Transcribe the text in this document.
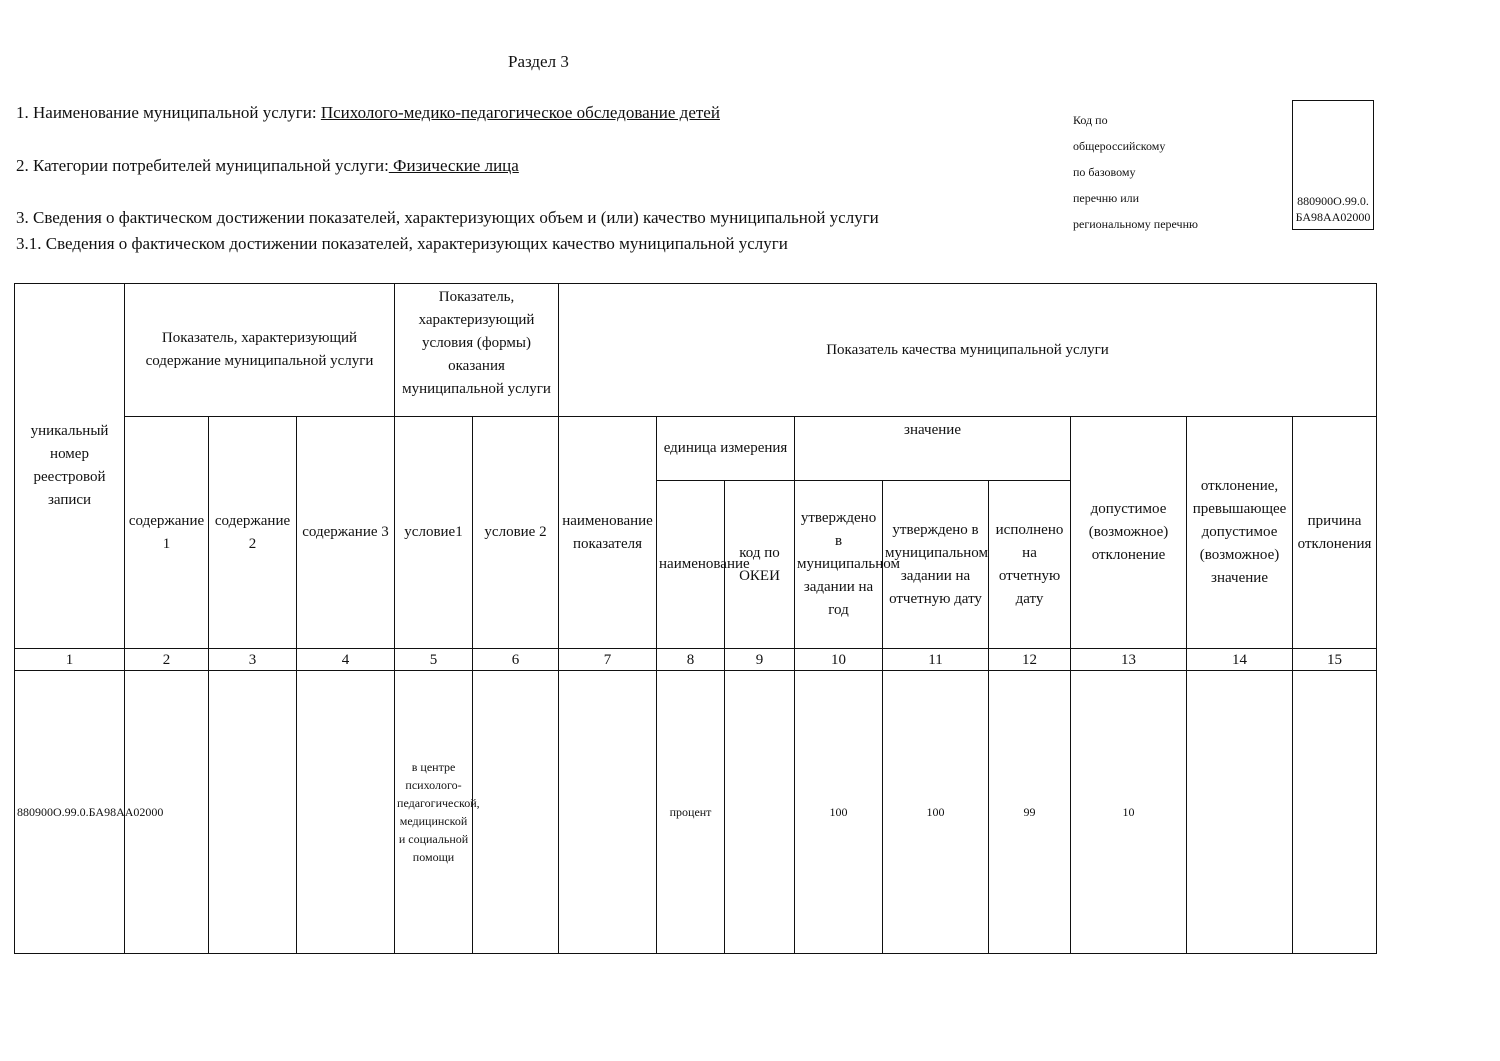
Раздел 3
1. Наименование муниципальной услуги: Психолого-медико-педагогическое обследование детей
2. Категории потребителей муниципальной услуги: Физические лица
3. Сведения о фактическом достижении показателей, характеризующих объем и (или) качество муниципальной услуги
3.1. Сведения о фактическом достижении показателей, характеризующих качество муниципальной услуги
Код по
общероссийскому
по базовому
перечню или
региональному перечню
880900О.99.0.БА98АА02000
уникальный номер реестровой записи	Показатель, характеризующий содержание муниципальной услуги			Показатель, характеризующий условия (формы) оказания муниципальной услуги		Показатель качества муниципальной услуги								
	содержание 1	содержание 2	содержание 3	условие1	условие 2	наименование показателя	единица измерения		значение			допустимое (возможное) отклонение	отклонение, превышающее допустимое (возможное) значение	причина отклонения
							наименование	код по ОКЕИ	утверждено в муниципальном задании на год	утверждено в муниципальном задании на отчетную дату	исполнено на отчетную дату			
1	2	3	4	5	6	7	8	9	10	11	12	13	14	15
880900О.99.0.БА98АА02000				в центре психолого-педагогической, медицинской и социальной помощи			процент		100	100	99	10		
